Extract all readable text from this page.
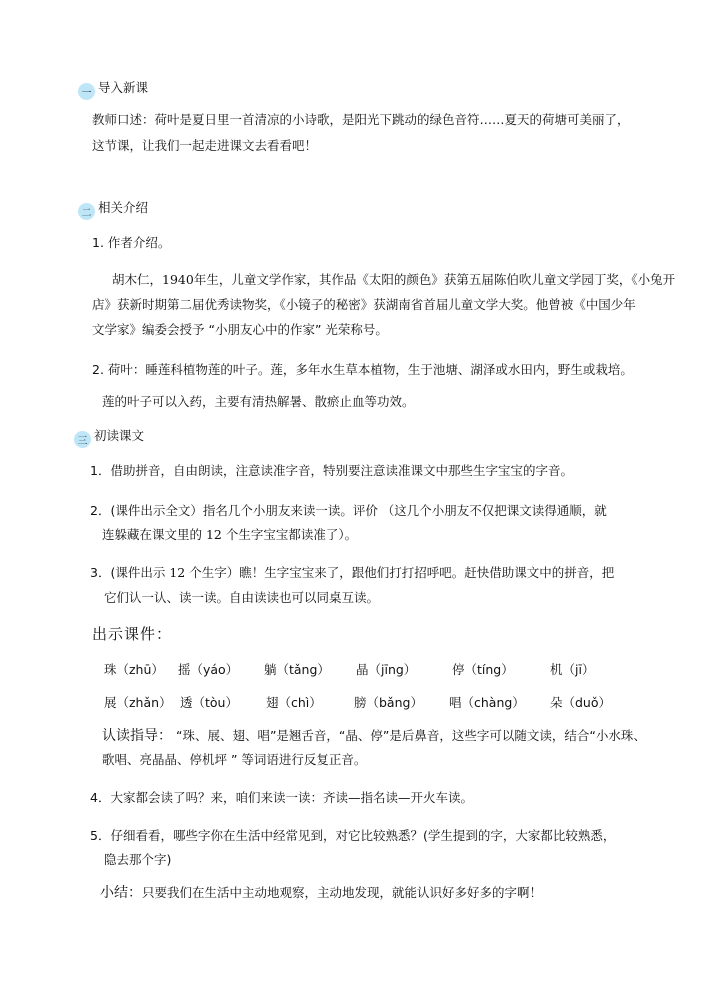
一 导入新课
教师口述：荷叶是夏日里一首清凉的小诗歌，是阳光下跳动的绿色音符……夏天的荷塘可美丽了，
这节课，让我们一起走进课文去看看吧！
二 相关介绍
1. 作者介绍。
胡木仁，1940年生，儿童文学作家，其作品《太阳的颜色》获第五届陈伯吹儿童文学园丁奖，《小兔开
店》获新时期第二届优秀读物奖，《小镜子的秘密》获湖南省首届儿童文学大奖。他曾被《中国少年
文学家》编委会授予 “小朋友心中的作家” 光荣称号。
2. 荷叶：睡莲科植物莲的叶子。莲，多年水生草本植物，生于池塘、湖泽或水田内，野生或栽培。
莲的叶子可以入药，主要有清热解暑、散瘀止血等功效。
三 初读课文
1．借助拼音，自由朗读，注意读准字音，特别要注意读准课文中那些生字宝宝的字音。
2．(课件出示全文）指名几个小朋友来读一读。评价 （这几个小朋友不仅把课文读得通顺，就
连躲藏在课文里的 12 个生字宝宝都读准了）。
3．(课件出示 12 个生字）瞧！生字宝宝来了，跟他们打打招呼吧。赶快借助课文中的拼音，把
它们认一认、读一读。自由读读也可以同桌互读。
出示课件：
珠（zhū） 摇（yáo） 躺（tǎng） 晶（jīng）	停（tíng）	机（jī）
展（zhǎn） 透（tòu） 翅（chì）	膀（bǎng） 唱（chàng） 朵（duǒ）
认读指导： “珠、展、翅、唱”是翘舌音，“晶、停”是后鼻音，这些字可以随文读，结合“小水珠、
歌唱、亮晶晶、停机坪 ” 等词语进行反复正音。
4．大家都会读了吗？来，咱们来读一读：齐读—指名读—开火车读。
5．仔细看看，哪些字你在生活中经常见到，对它比较熟悉？(学生提到的字，大家都比较熟悉，
隐去那个字)
小结：只要我们在生活中主动地观察，主动地发现，就能认识好多好多的字啊！
